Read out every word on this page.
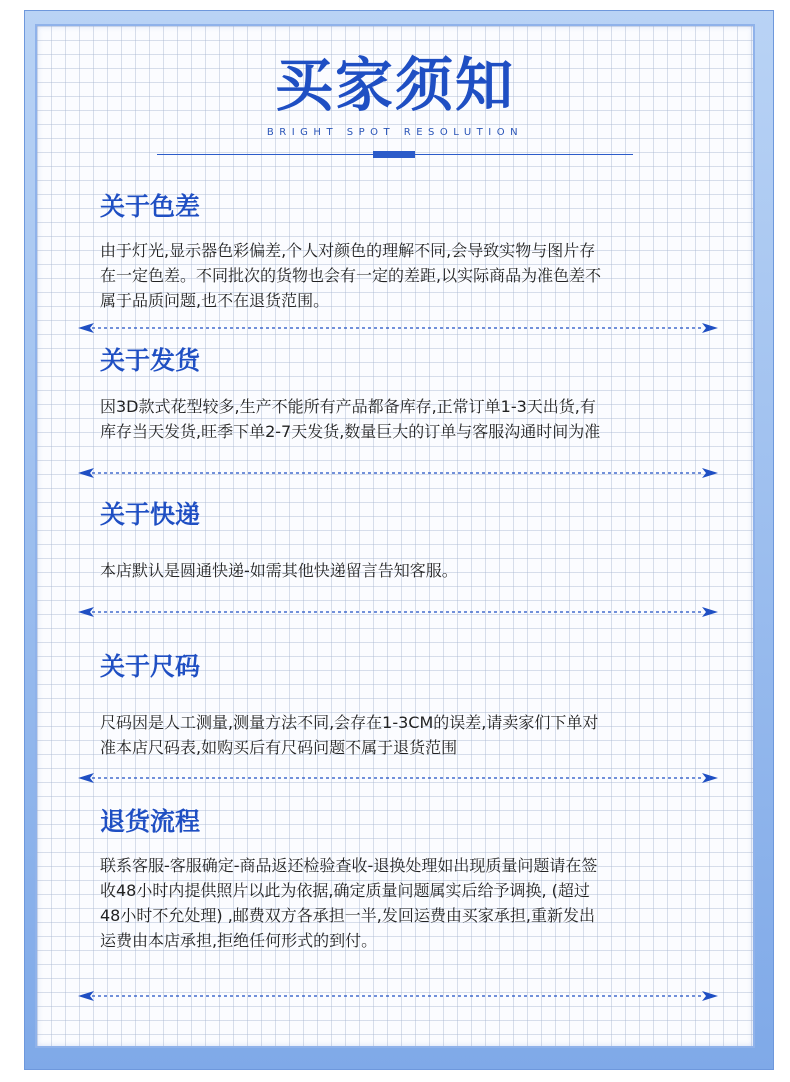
买家须知
BRIGHT SPOT RESOLUTION
关于色差
由于灯光,显示器色彩偏差,个人对颜色的理解不同,会导致实物与图片存
在一定色差。不同批次的货物也会有一定的差距,以实际商品为准色差不
属于品质问题,也不在退货范围。
关于发货
因3D款式花型较多,生产不能所有产品都备库存,正常订单1-3天出货,有
库存当天发货,旺季下单2-7天发货,数量巨大的订单与客服沟通时间为准
关于快递
本店默认是圆通快递-如需其他快递留言告知客服。
关于尺码
尺码因是人工测量,测量方法不同,会存在1-3CM的误差,请卖家们下单对
准本店尺码表,如购买后有尺码问题不属于退货范围
退货流程
联系客服-客服确定-商品返还检验查收-退换处理如出现质量问题请在签
收48小时内提供照片以此为依据,确定质量问题属实后给予调换, (超过
48小时不允处理) ,邮费双方各承担一半,发回运费由买家承担,重新发出
运费由本店承担,拒绝任何形式的到付。
